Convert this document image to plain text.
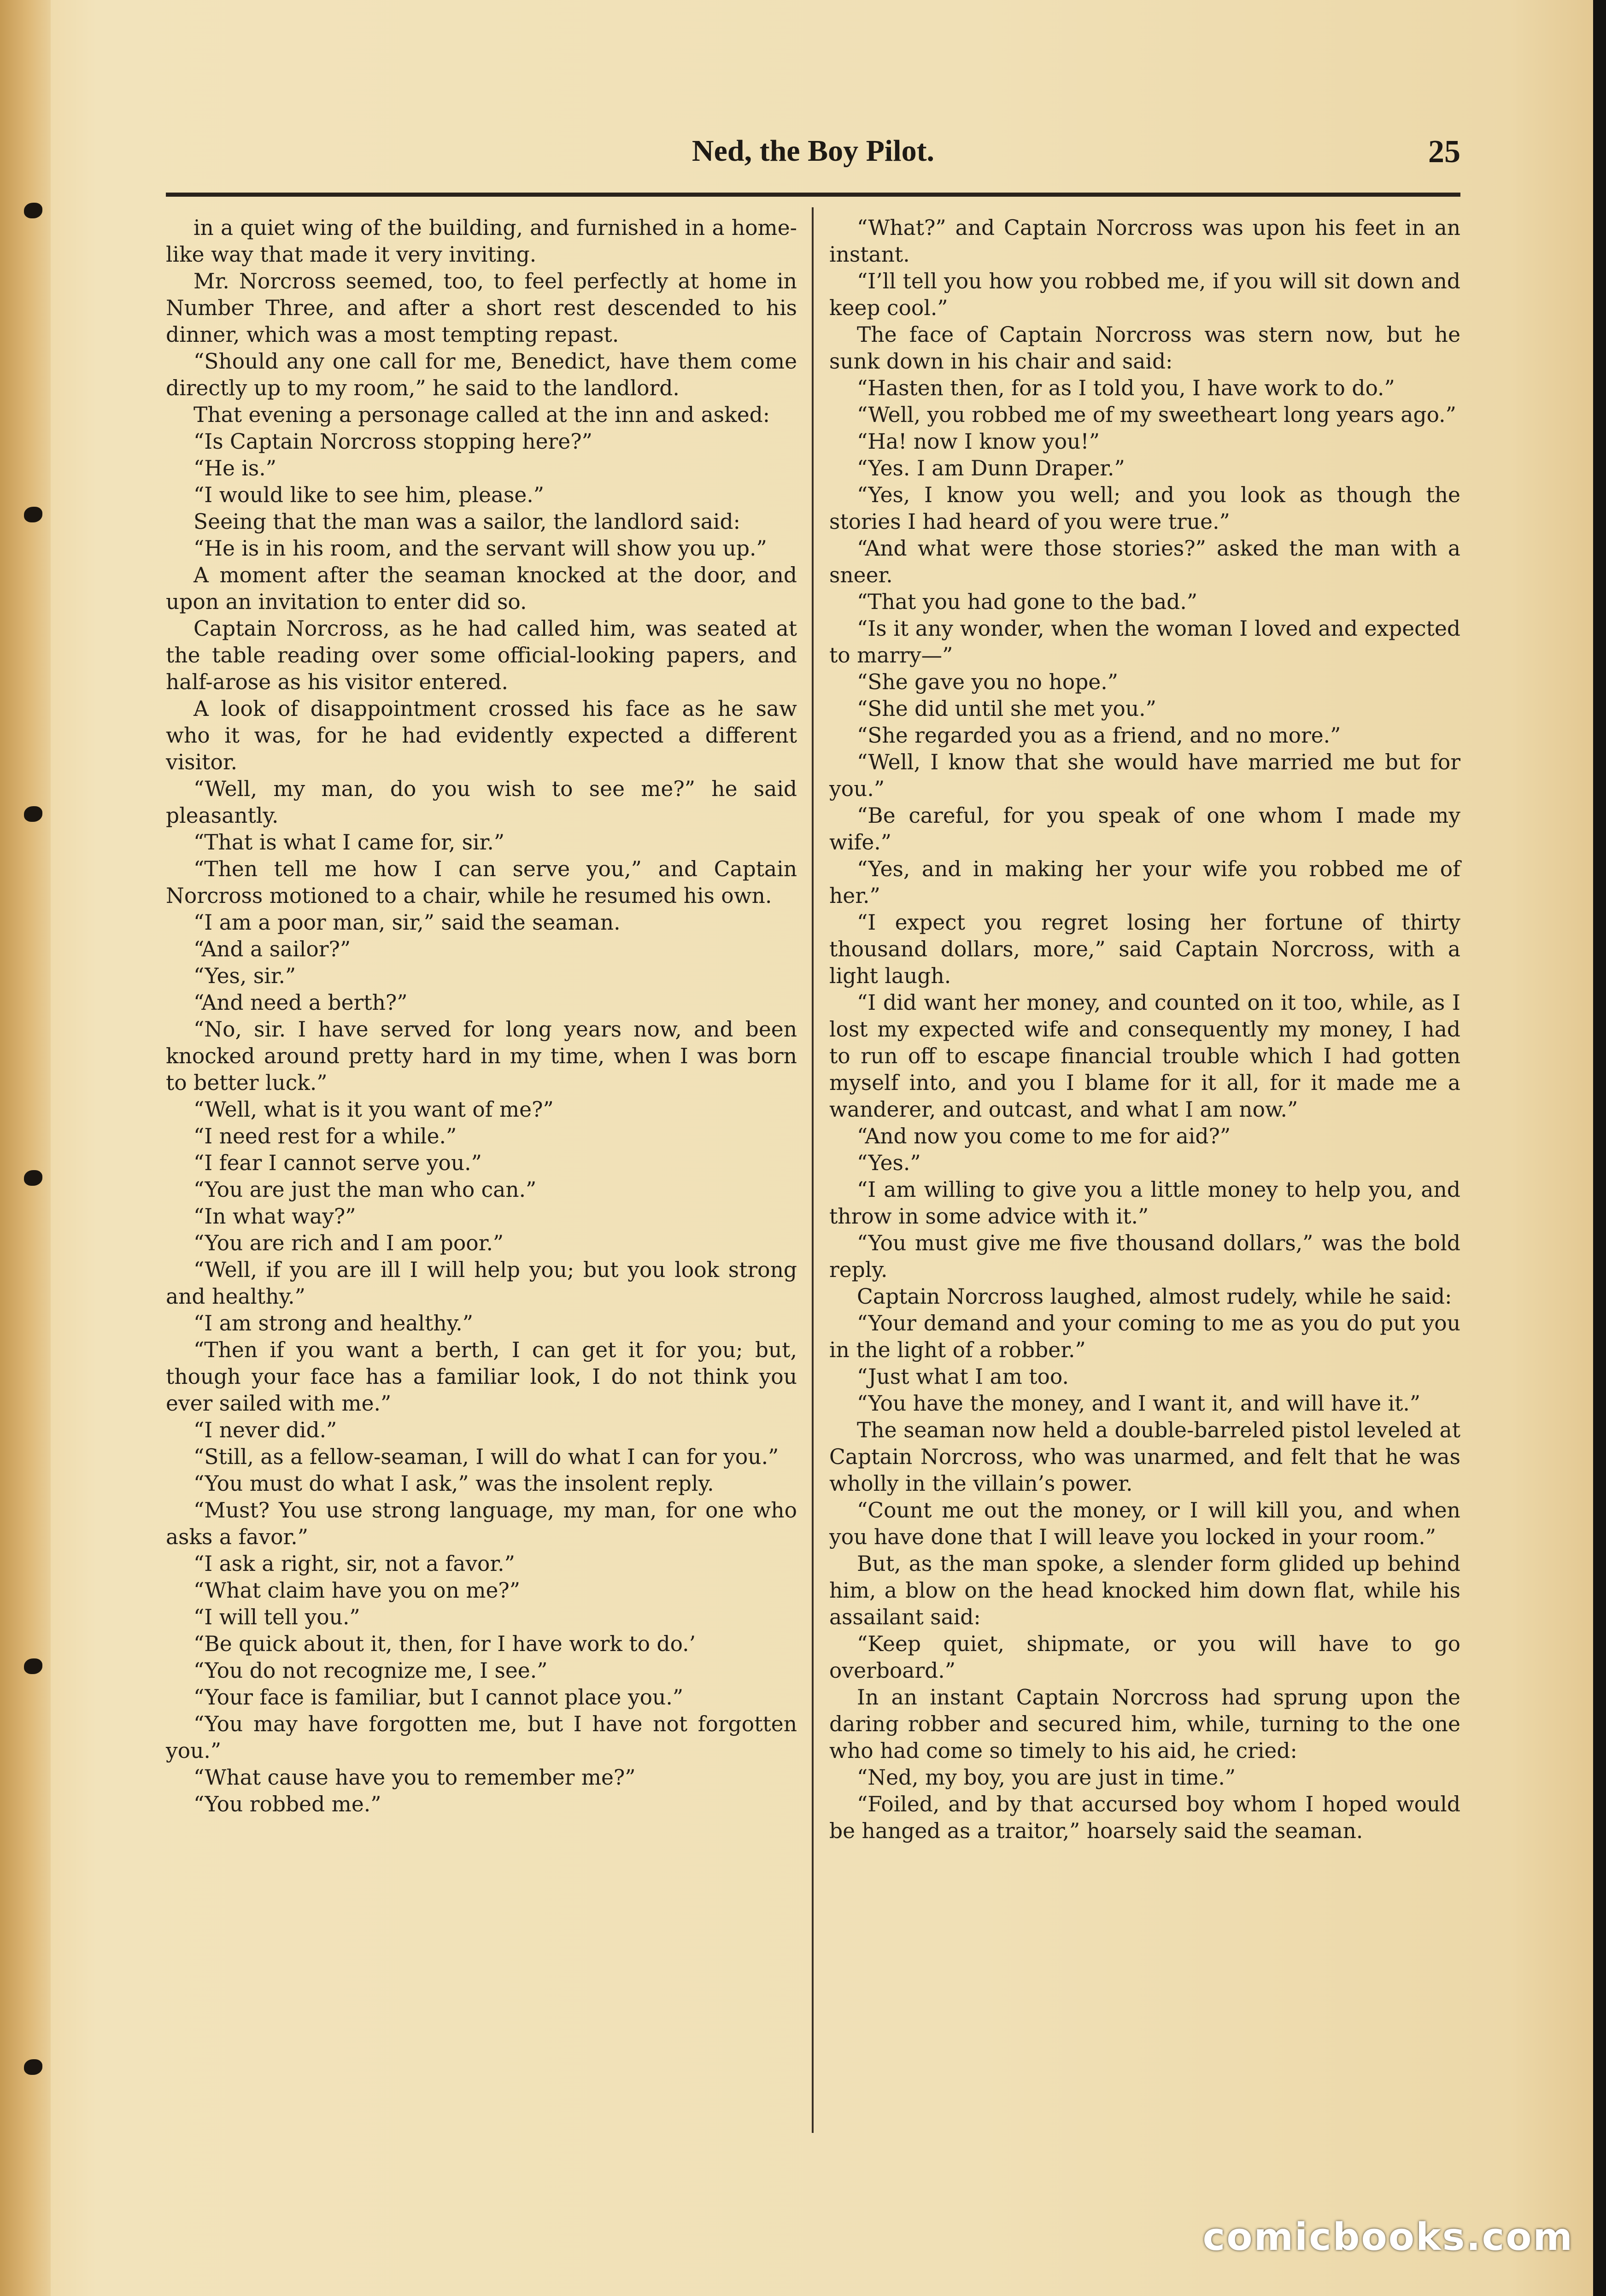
Ned, the Boy Pilot.	25

in a quiet wing of the building, and furnished in a home-like way that made it very inviting.

Mr. Norcross seemed, too, to feel perfectly at home in Number Three, and after a short rest descended to his dinner, which was a most tempting repast.

“Should any one call for me, Benedict, have them come directly up to my room,” he said to the landlord.

That evening a personage called at the inn and asked:

“Is Captain Norcross stopping here?”

“He is.”

“I would like to see him, please.”

Seeing that the man was a sailor, the landlord said:

“He is in his room, and the servant will show you up.”

A moment after the seaman knocked at the door, and upon an invitation to enter did so.

Captain Norcross, as he had called him, was seated at the table reading over some official-looking papers, and half-arose as his visitor entered.

A look of disappointment crossed his face as he saw who it was, for he had evidently expected a different visitor.

“Well, my man, do you wish to see me?” he said pleasantly.

“That is what I came for, sir.”

“Then tell me how I can serve you,” and Captain Norcross motioned to a chair, while he resumed his own.

“I am a poor man, sir,” said the seaman.

“And a sailor?”

“Yes, sir.”

“And need a berth?”

“No, sir. I have served for long years now, and been knocked around pretty hard in my time, when I was born to better luck.”

“Well, what is it you want of me?”

“I need rest for a while.”

“I fear I cannot serve you.”

“You are just the man who can.”

“In what way?”

“You are rich and I am poor.”

“Well, if you are ill I will help you; but you look strong and healthy.”

“I am strong and healthy.”

“Then if you want a berth, I can get it for you; but, though your face has a familiar look, I do not think you ever sailed with me.”

“I never did.”

“Still, as a fellow-seaman, I will do what I can for you.”

“You must do what I ask,” was the insolent reply.

“Must? You use strong language, my man, for one who asks a favor.”

“I ask a right, sir, not a favor.”

“What claim have you on me?”

“I will tell you.”

“Be quick about it, then, for I have work to do.’

“You do not recognize me, I see.”

“Your face is familiar, but I cannot place you.”

“You may have forgotten me, but I have not forgotten you.”

“What cause have you to remember me?”

“You robbed me.”

“What?” and Captain Norcross was upon his feet in an instant.

“I’ll tell you how you robbed me, if you will sit down and keep cool.”

The face of Captain Norcross was stern now, but he sunk down in his chair and said:

“Hasten then, for as I told you, I have work to do.”

“Well, you robbed me of my sweetheart long years ago.”

“Ha! now I know you!”

“Yes. I am Dunn Draper.”

“Yes, I know you well; and you look as though the stories I had heard of you were true.”

“And what were those stories?” asked the man with a sneer.

“That you had gone to the bad.”

“Is it any wonder, when the woman I loved and expected to marry—”

“She gave you no hope.”

“She did until she met you.”

“She regarded you as a friend, and no more.”

“Well, I know that she would have married me but for you.”

“Be careful, for you speak of one whom I made my wife.”

“Yes, and in making her your wife you robbed me of her.”

“I expect you regret losing her fortune of thirty thousand dollars, more,” said Captain Norcross, with a light laugh.

“I did want her money, and counted on it too, while, as I lost my expected wife and consequently my money, I had to run off to escape financial trouble which I had gotten myself into, and you I blame for it all, for it made me a wanderer, and outcast, and what I am now.”

“And now you come to me for aid?”

“Yes.”

“I am willing to give you a little money to help you, and throw in some advice with it.”

“You must give me five thousand dollars,” was the bold reply.

Captain Norcross laughed, almost rudely, while he said:

“Your demand and your coming to me as you do put you in the light of a robber.”

“Just what I am too.

“You have the money, and I want it, and will have it.”

The seaman now held a double-barreled pistol leveled at Captain Norcross, who was unarmed, and felt that he was wholly in the villain’s power.

“Count me out the money, or I will kill you, and when you have done that I will leave you locked in your room.”

But, as the man spoke, a slender form glided up behind him, a blow on the head knocked him down flat, while his assailant said:

“Keep quiet, shipmate, or you will have to go overboard.”

In an instant Captain Norcross had sprung upon the daring robber and secured him, while, turning to the one who had come so timely to his aid, he cried:

“Ned, my boy, you are just in time.”

“Foiled, and by that accursed boy whom I hoped would be hanged as a traitor,” hoarsely said the seaman.

comicbooks.com
